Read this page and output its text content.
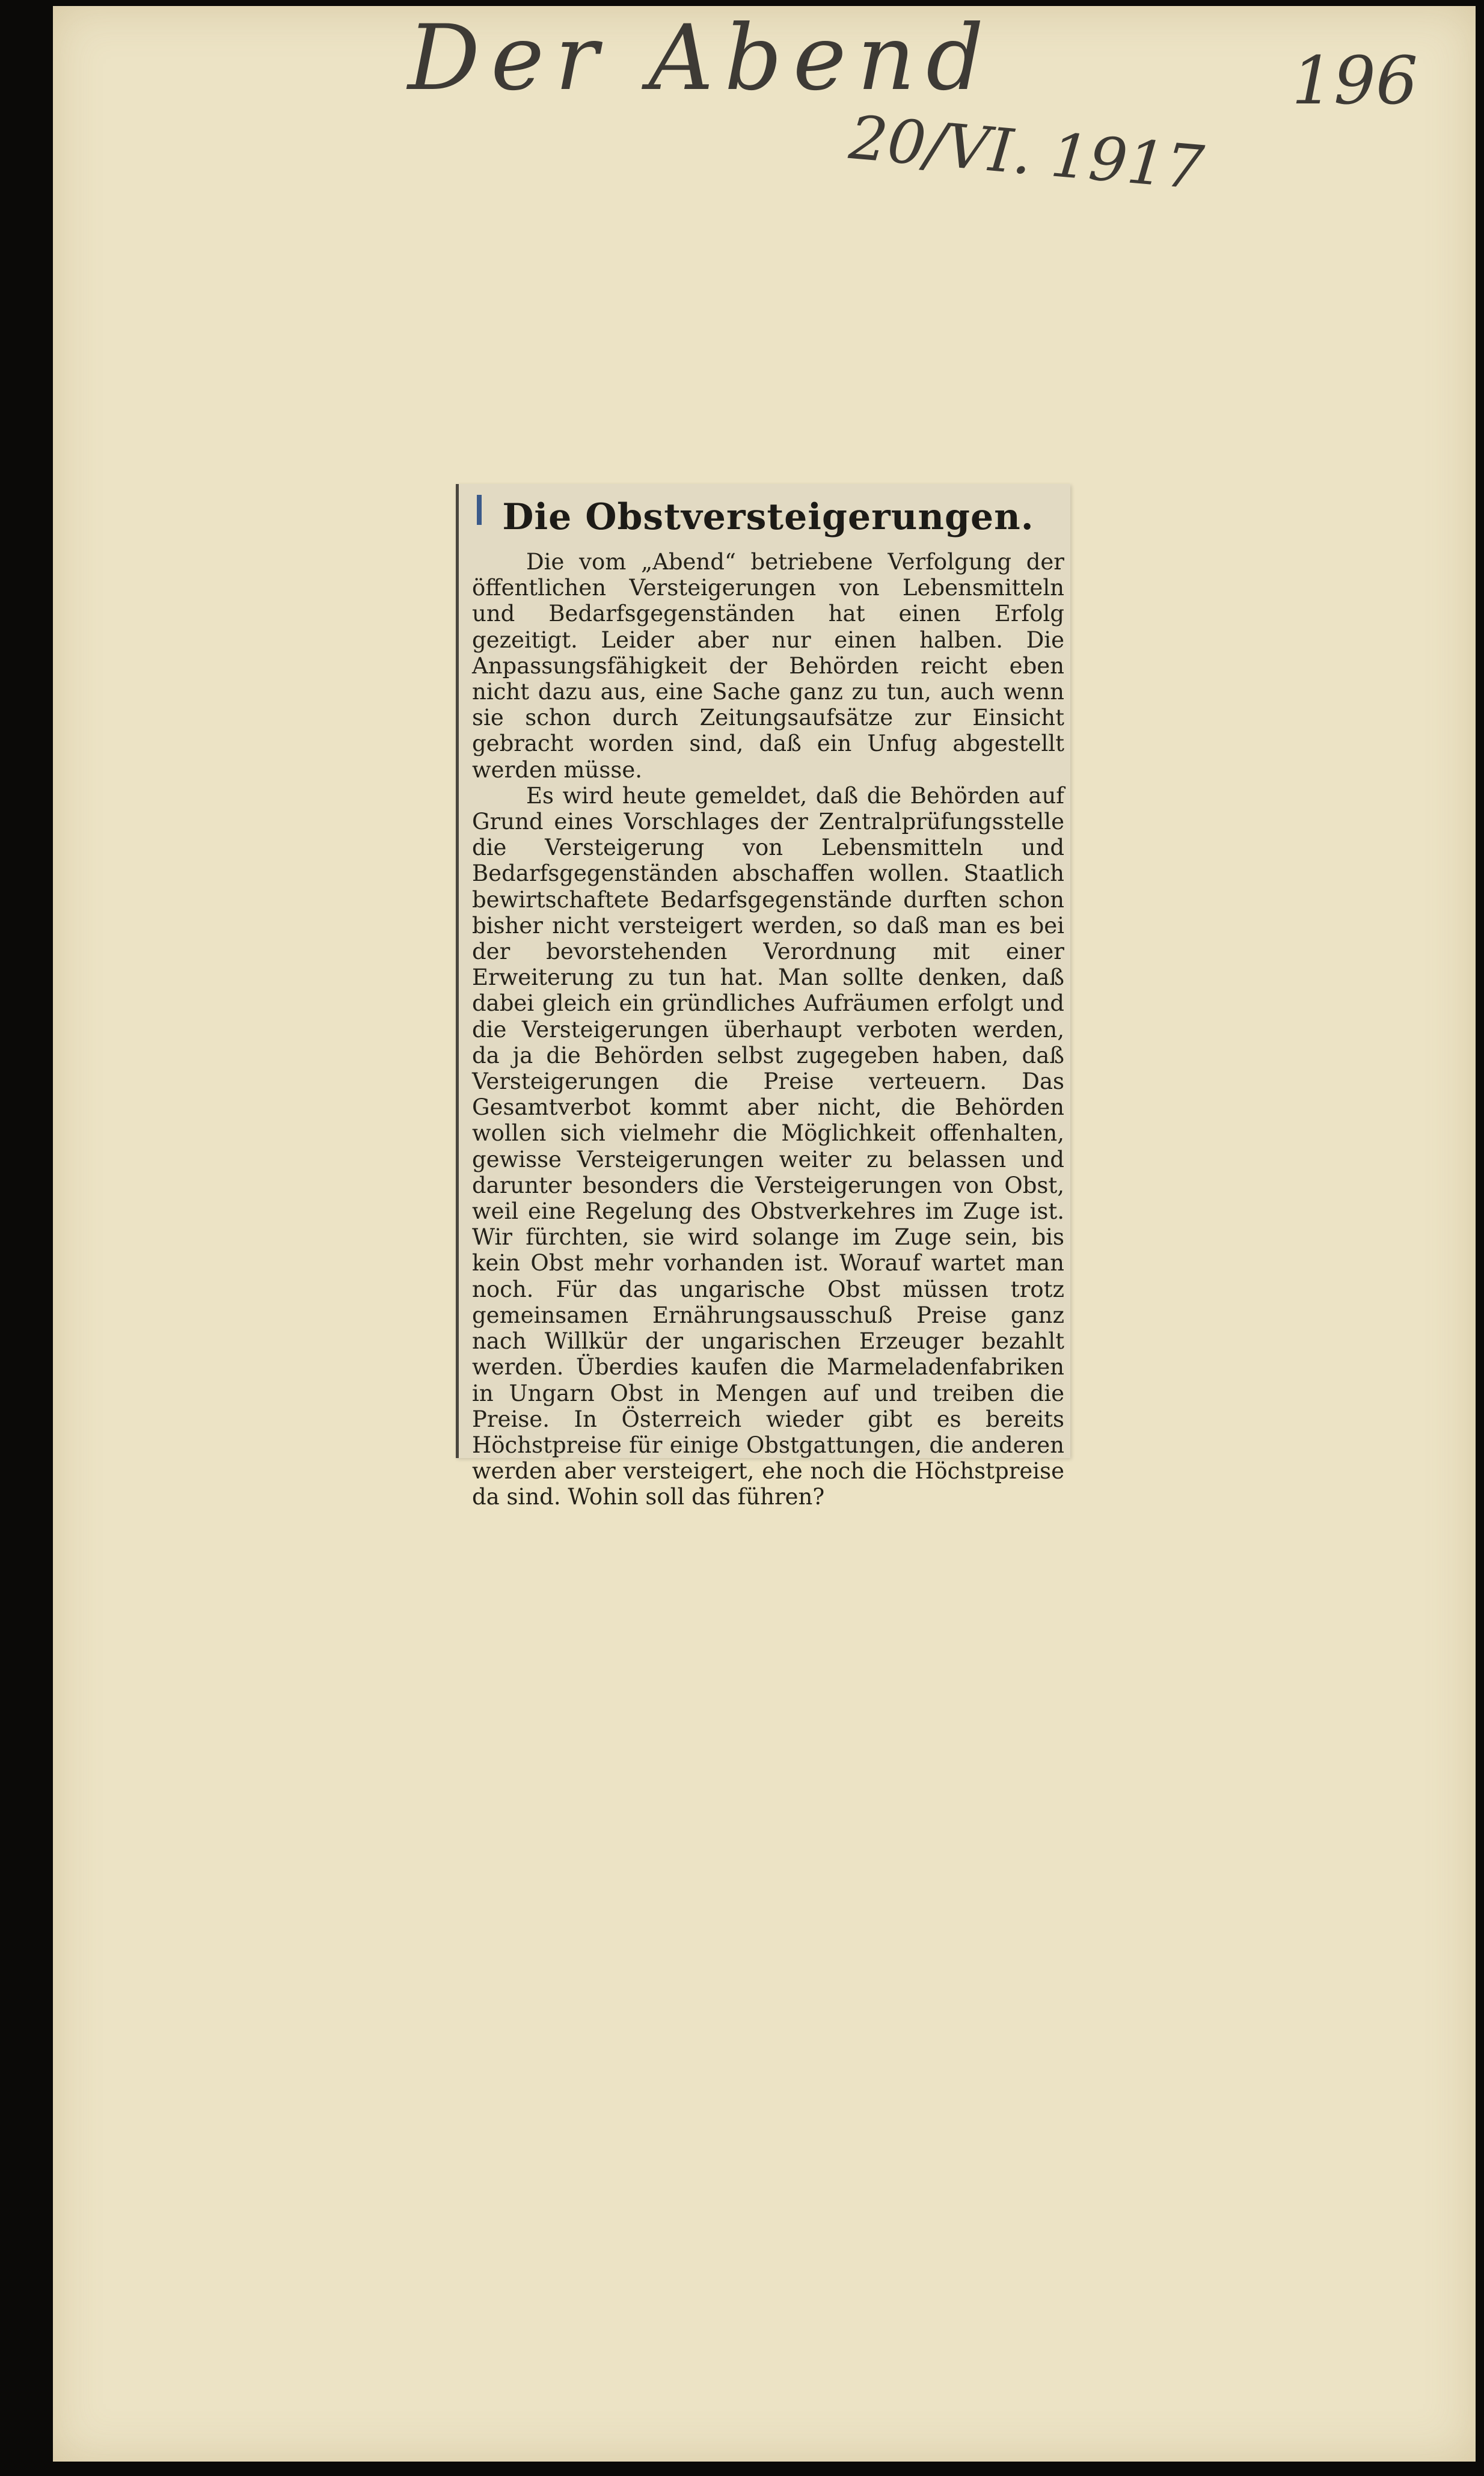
Der Abend
20/VI. 1917
196
Die Obstversteigerungen.

Die vom „Abend“ betriebene Verfolgung der öffentlichen Versteigerungen von Lebensmitteln und Bedarfsgegenständen hat einen Erfolg gezeitigt. Leider aber nur einen halben. Die Anpassungsfähigkeit der Behörden reicht eben nicht dazu aus, eine Sache ganz zu tun, auch wenn sie schon durch Zeitungsaufsätze zur Einsicht gebracht worden sind, daß ein Unfug abgestellt werden müsse.

Es wird heute gemeldet, daß die Behörden auf Grund eines Vorschlages der Zentralprüfungsstelle die Versteigerung von Lebensmitteln und Bedarfsgegenständen abschaffen wollen. Staatlich bewirtschaftete Bedarfsgegenstände durften schon bisher nicht versteigert werden, so daß man es bei der bevorstehenden Verordnung mit einer Erweiterung zu tun hat. Man sollte denken, daß dabei gleich ein gründliches Aufräumen erfolgt und die Versteigerungen überhaupt verboten werden, da ja die Behörden selbst zugegeben haben, daß Versteigerungen die Preise verteuern. Das Gesamtverbot kommt aber nicht, die Behörden wollen sich vielmehr die Möglichkeit offenhalten, gewisse Versteigerungen weiter zu belassen und darunter besonders die Versteigerungen von Obst, weil eine Regelung des Obstverkehres im Zuge ist. Wir fürchten, sie wird solange im Zuge sein, bis kein Obst mehr vorhanden ist. Worauf wartet man noch. Für das ungarische Obst müssen trotz gemeinsamen Ernährungsausschuß Preise ganz nach Willkür der ungarischen Erzeuger bezahlt werden. Überdies kaufen die Marmeladenfabriken in Ungarn Obst in Mengen auf und treiben die Preise. In Österreich wieder gibt es bereits Höchstpreise für einige Obstgattungen, die anderen werden aber versteigert, ehe noch die Höchstpreise da sind. Wohin soll das führen?
